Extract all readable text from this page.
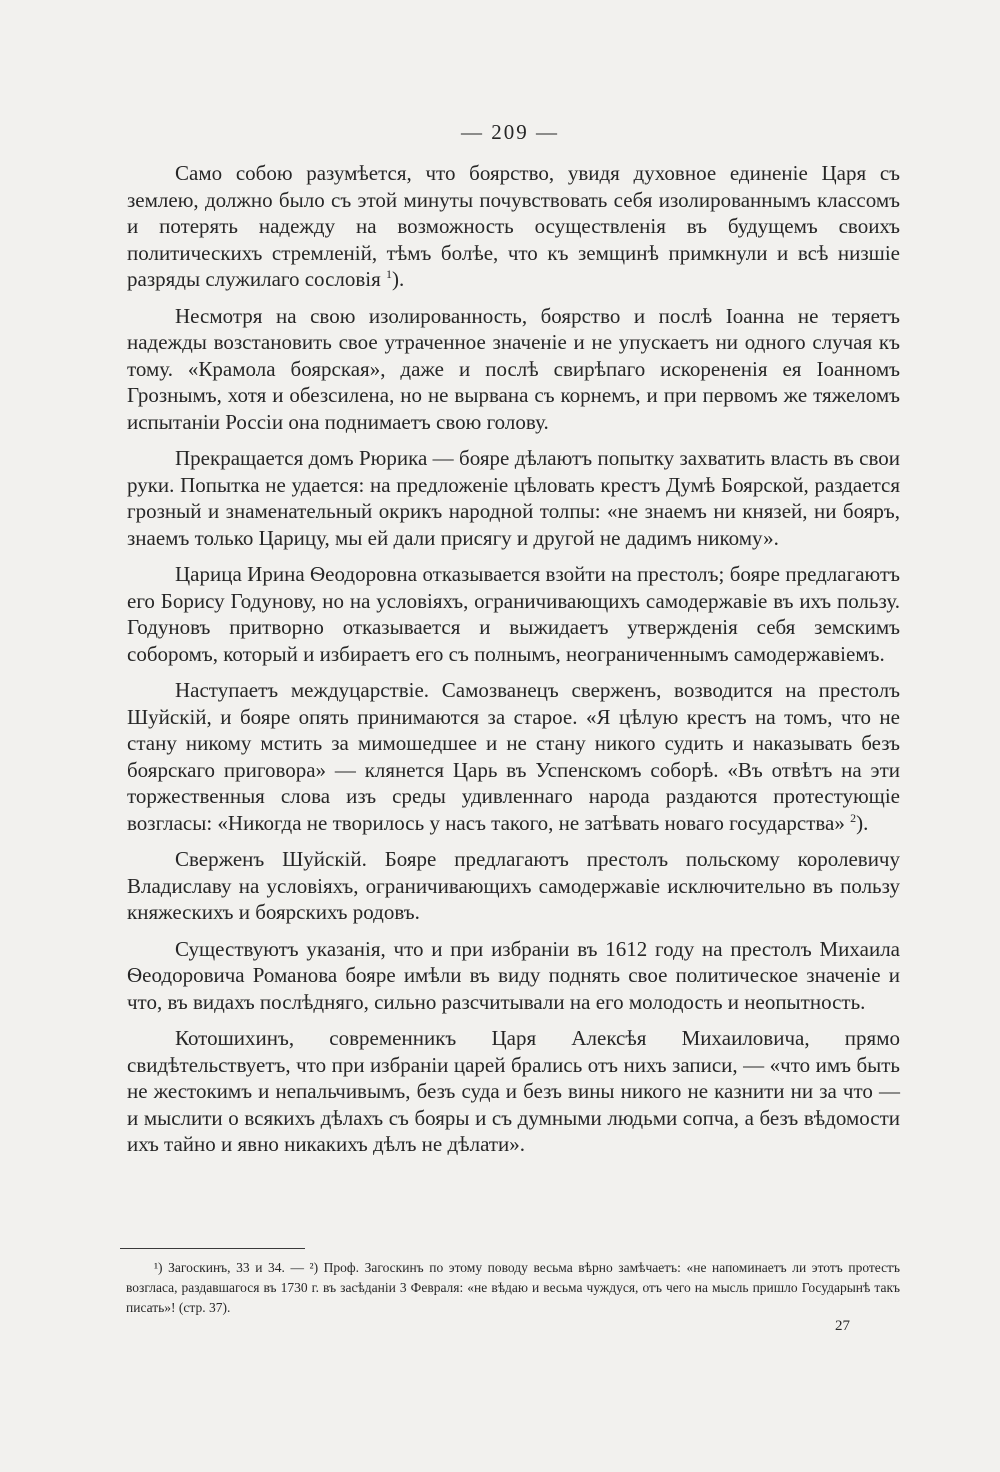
— 209 —

Само собою разумѣется, что боярство, увидя духовное единеніе Царя съ землею, должно было съ этой минуты почувствовать себя изолированнымъ классомъ и потерять надежду на возможность осуществленія въ будущемъ своихъ политическихъ стремленій, тѣмъ болѣе, что къ земщинѣ примкнули и всѣ низшіе разряды служилаго сословія $^1$).

Несмотря на свою изолированность, боярство и послѣ Іоанна не теряетъ надежды возстановить свое утраченное значеніе и не упускаетъ ни одного случая къ тому. «Крамола боярская», даже и послѣ свирѣпаго искорененія ея Іоанномъ Грознымъ, хотя и обезсилена, но не вырвана съ корнемъ, и при первомъ же тяжеломъ испытаніи Россіи она поднимаетъ свою голову.

Прекращается домъ Рюрика — бояре дѣлаютъ попытку захватить власть въ свои руки. Попытка не удается: на предложеніе цѣловать крестъ Думѣ Боярской, раздается грозный и знаменательный окрикъ народной толпы: «не знаемъ ни князей, ни бояръ, знаемъ только Царицу, мы ей дали присягу и другой не дадимъ никому».

Царица Ирина Ѳеодоровна отказывается взойти на престолъ; бояре предлагаютъ его Борису Годунову, но на условіяхъ, ограничивающихъ самодержавіе въ ихъ пользу. Годуновъ притворно отказывается и выжидаетъ утвержденія себя земскимъ соборомъ, который и избираетъ его съ полнымъ, неограниченнымъ самодержавіемъ.

Наступаетъ междуцарствіе. Самозванецъ сверженъ, возводится на престолъ Шуйскій, и бояре опять принимаются за старое. «Я цѣлую крестъ на томъ, что не стану никому мстить за мимошедшее и не стану никого судить и наказывать безъ боярскаго приговора» — клянется Царь въ Успенскомъ соборѣ. «Въ отвѣтъ на эти торжественныя слова изъ среды удивленнаго народа раздаются протестующіе возгласы: «Никогда не творилось у насъ такого, не затѣвать новаго государства» $^2$).

Сверженъ Шуйскій. Бояре предлагаютъ престолъ польскому королевичу Владиславу на условіяхъ, ограничивающихъ самодержавіе исключительно въ пользу княжескихъ и боярскихъ родовъ.

Существуютъ указанія, что и при избраніи въ 1612 году на престолъ Михаила Ѳеодоровича Романова бояре имѣли въ виду поднять свое политическое значеніе и что, въ видахъ послѣдняго, сильно разсчитывали на его молодость и неопытность.

Котошихинъ, современникъ Царя Алексѣя Михаиловича, прямо свидѣтельствуетъ, что при избраніи царей брались отъ нихъ записи, — «что имъ быть не жестокимъ и непальчивымъ, безъ суда и безъ вины никого не казнити ни за что — и мыслити о всякихъ дѣлахъ съ бояры и съ думными людьми сопча, а безъ вѣдомости ихъ тайно и явно никакихъ дѣлъ не дѣлати».

¹) Загоскинъ, 33 и 34. — ²) Проф. Загоскинъ по этому поводу весьма вѣрно замѣчаетъ: «не напоминаетъ ли этотъ протестъ возгласа, раздавшагося въ 1730 г. въ засѣданіи 3 Февраля: «не вѣдаю и весьма чуждуся, отъ чего на мысль пришло Государынѣ такъ писать»! (стр. 37).
27
